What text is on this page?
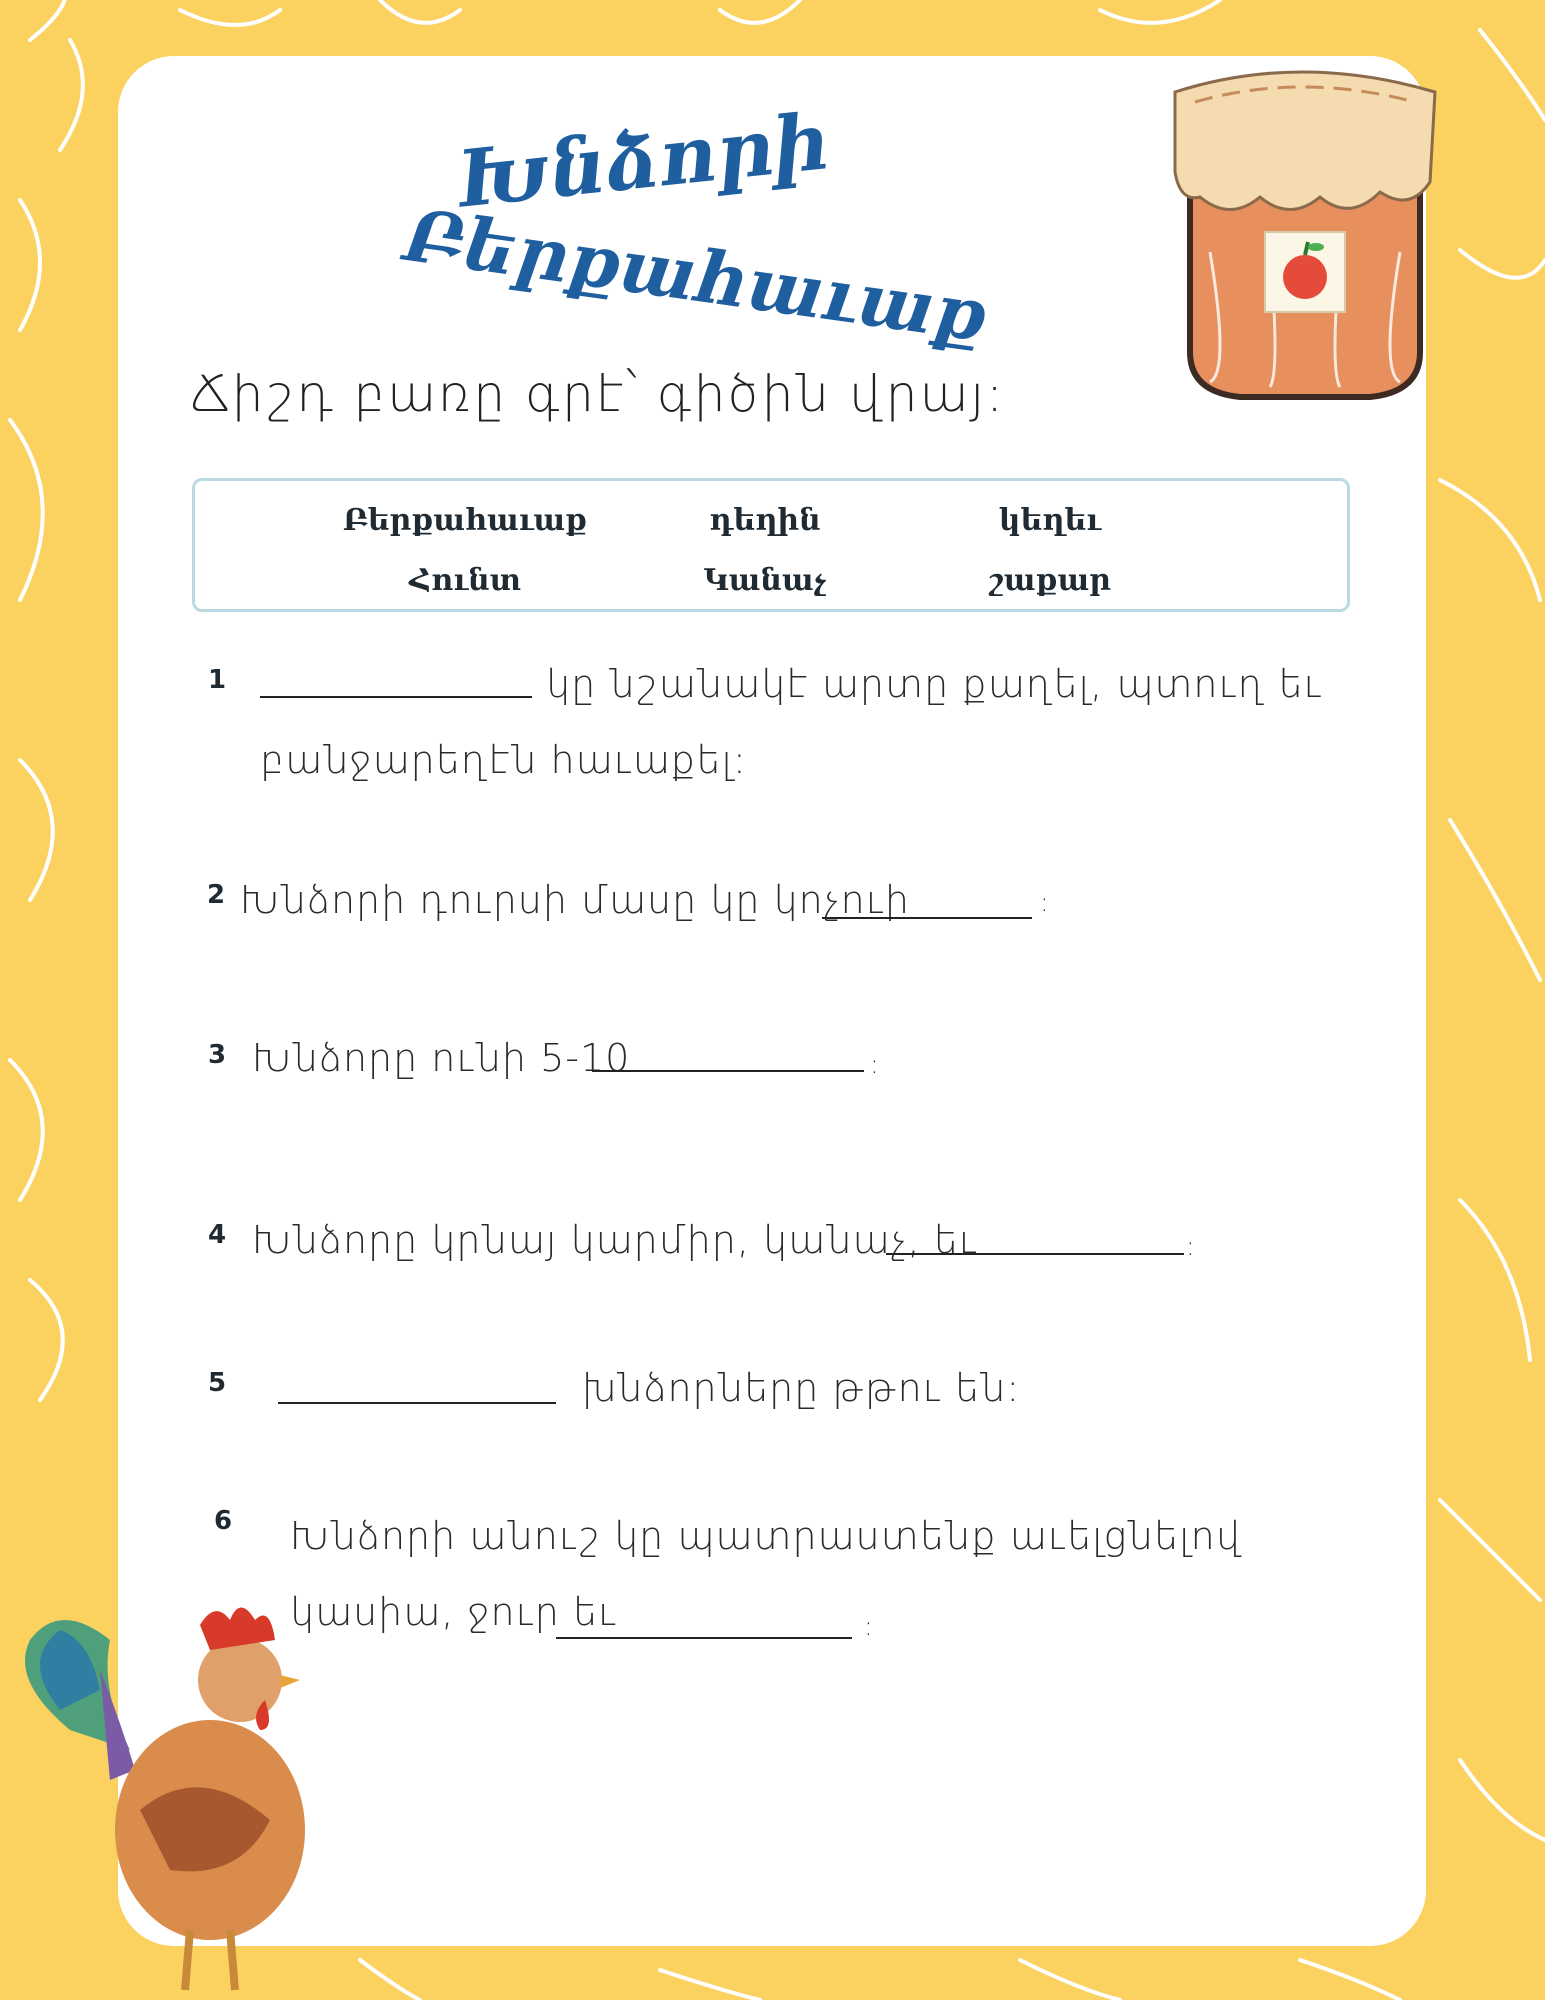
Խնձորի
Բերքահաւաք
Ճիշդ բառը գրէ՝ գիծին վրայ։
Բերքահաւաք	դեղին	կեղեւ
Հունտ	Կանաչ	շաքար
1	կը նշանակէ արտը քաղել, պտուղ եւ
բանջարեղէն հաւաքել։
2 Խնձորի դուրսի մասը կը կոչուի	։
3 Խնձորը ունի 5-10	։
4 Խնձորը կրնայ կարմիր, կանաչ, եւ	։
5	խնձորները թթու են։
6 Խնձորի անուշ կը պատրաստենք աւելցնելով
կասիա, ջուր եւ	։
